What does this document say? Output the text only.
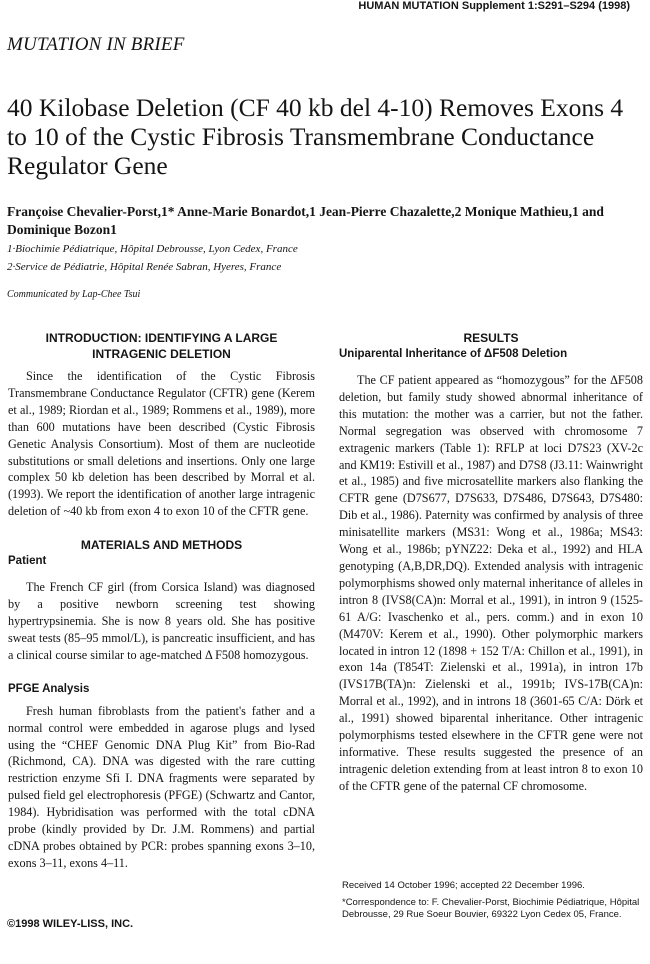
HUMAN MUTATION Supplement 1:S291–S294 (1998)
MUTATION IN BRIEF
40 Kilobase Deletion (CF 40 kb del 4-10) Removes Exons 4 to 10 of the Cystic Fibrosis Transmembrane Conductance Regulator Gene

Françoise Chevalier-Porst,1* Anne-Marie Bonardot,1 Jean-Pierre Chazalette,2 Monique Mathieu,1 and Dominique Bozon1

1·Biochimie Pédiatrique, Hôpital Debrousse, Lyon Cedex, France
2·Service de Pédiatrie, Hôpital Renée Sabran, Hyeres, France
Communicated by Lap-Chee Tsui
INTRODUCTION: IDENTIFYING A LARGE INTRAGENIC DELETION

Since the identification of the Cystic Fibrosis Transmembrane Conductance Regulator (CFTR) gene (Kerem et al., 1989; Riordan et al., 1989; Rommens et al., 1989), more than 600 mutations have been described (Cystic Fibrosis Genetic Analysis Consortium). Most of them are nucleotide substitutions or small deletions and insertions. Only one large complex 50 kb deletion has been described by Morral et al. (1993). We report the identification of another large intragenic deletion of ~40 kb from exon 4 to exon 10 of the CFTR gene.

MATERIALS AND METHODS
Patient

The French CF girl (from Corsica Island) was diagnosed by a positive newborn screening test showing hypertrypsinemia. She is now 8 years old. She has positive sweat tests (85–95 mmol/L), is pancreatic insufficient, and has a clinical course similar to age-matched Δ F508 homozygous.

PFGE Analysis

Fresh human fibroblasts from the patient's father and a normal control were embedded in agarose plugs and lysed using the “CHEF Genomic DNA Plug Kit” from Bio-Rad (Richmond, CA). DNA was digested with the rare cutting restriction enzyme Sfi I. DNA fragments were separated by pulsed field gel electrophoresis (PFGE) (Schwartz and Cantor, 1984). Hybridisation was performed with the total cDNA probe (kindly provided by Dr. J.M. Rommens) and partial cDNA probes obtained by PCR: probes spanning exons 3–10, exons 3–11, exons 4–11.

RESULTS
Uniparental Inheritance of ΔF508 Deletion

The CF patient appeared as “homozygous” for the ΔF508 deletion, but family study showed abnormal inheritance of this mutation: the mother was a carrier, but not the father. Normal segregation was observed with chromosome 7 extragenic markers (Table 1): RFLP at loci D7S23 (XV-2c and KM19: Estivill et al., 1987) and D7S8 (J3.11: Wainwright et al., 1985) and five microsatellite markers also flanking the CFTR gene (D7S677, D7S633, D7S486, D7S643, D7S480: Dib et al., 1986). Paternity was confirmed by analysis of three minisatellite markers (MS31: Wong et al., 1986a; MS43: Wong et al., 1986b; pYNZ22: Deka et al., 1992) and HLA genotyping (A,B,DR,DQ). Extended analysis with intragenic polymorphisms showed only maternal inheritance of alleles in intron 8 (IVS8(CA)n: Morral et al., 1991), in intron 9 (1525-61 A/G: Ivaschenko et al., pers. comm.) and in exon 10 (M470V: Kerem et al., 1990). Other polymorphic markers located in intron 12 (1898 + 152 T/A: Chillon et al., 1991), in exon 14a (T854T: Zielenski et al., 1991a), in intron 17b (IVS17B(TA)n: Zielenski et al., 1991b; IVS-17B(CA)n: Morral et al., 1992), and in introns 18 (3601-65 C/A: Dörk et al., 1991) showed biparental inheritance. Other intragenic polymorphisms tested elsewhere in the CFTR gene were not informative. These results suggested the presence of an intragenic deletion extending from at least intron 8 to exon 10 of the CFTR gene of the paternal CF chromosome.

Received 14 October 1996; accepted 22 December 1996.

*Correspondence to: F. Chevalier-Porst, Biochimie Pédiatrique, Hôpital Debrousse, 29 Rue Soeur Bouvier, 69322 Lyon Cedex 05, France.

©1998 WILEY-LISS, INC.
